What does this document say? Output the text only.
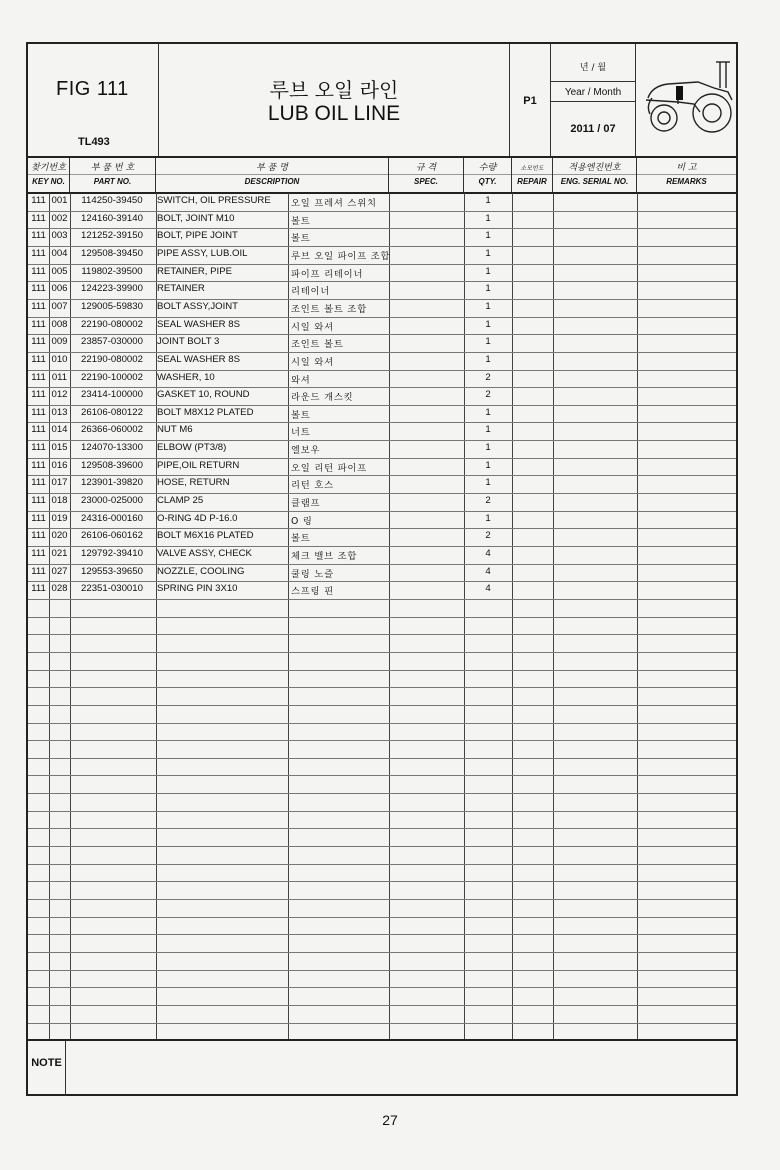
FIG 111
TL493
루브 오일 라인
LUB OIL LINE
P1
년 / 월
Year / Month
2011 / 07
찾기번호
KEY NO.
부 품 번 호
PART NO.
부 품 명
DESCRIPTION
규 격
SPEC.
수량
QTY.
소모빈도
REPAIR
적용엔진번호
ENG. SERIAL NO.
비 고
REMARKS
111 001	114250-39450	SWITCH, OIL PRESSURE	오일 프레셔 스위치	1
111 002	124160-39140	BOLT, JOINT M10	볼트	1
111 003	121252-39150	BOLT, PIPE JOINT	볼트	1
111 004	129508-39450	PIPE ASSY, LUB.OIL	루브 오일 파이프 조합	1
111 005	119802-39500	RETAINER, PIPE	파이프 리테이너	1
111 006	124223-39900	RETAINER	리테이너	1
111 007	129005-59830	BOLT ASSY,JOINT	조인트 볼트 조합	1
111 008	22190-080002	SEAL WASHER 8S	시일 와셔	1
111 009	23857-030000	JOINT BOLT 3	조인트 볼트	1
111 010	22190-080002	SEAL WASHER 8S	시일 와셔	1
111 011	22190-100002	WASHER, 10	와셔	2
111 012	23414-100000	GASKET 10, ROUND	라운드 개스킷	2
111 013	26106-080122	BOLT M8X12 PLATED	볼트	1
111 014	26366-060002	NUT M6	너트	1
111 015	124070-13300	ELBOW (PT3/8)	엘보우	1
111 016	129508-39600	PIPE,OIL RETURN	오일 리턴 파이프	1
111 017	123901-39820	HOSE, RETURN	리턴 호스	1
111 018	23000-025000	CLAMP 25	클램프	2
111 019	24316-000160	O-RING 4D P-16.0	O 링	1
111 020	26106-060162	BOLT M6X16 PLATED	볼트	2
111 021	129792-39410	VALVE ASSY, CHECK	체크 밸브 조합	4
111 027	129553-39650	NOZZLE, COOLING	쿨링 노즐	4
111 028	22351-030010	SPRING PIN 3X10	스프링 핀	4
NOTE
27
